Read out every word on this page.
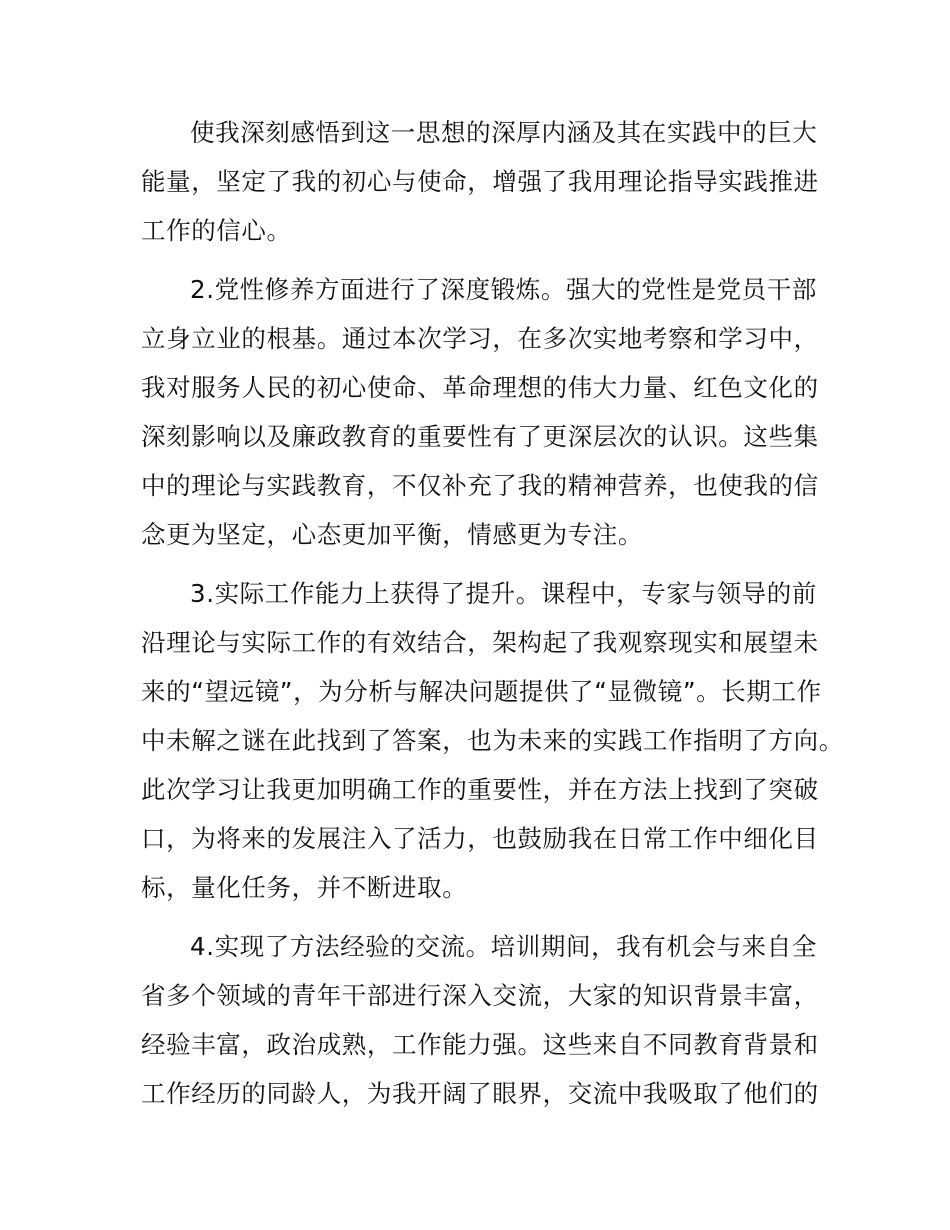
使我深刻感悟到这一思想的深厚内涵及其在实践中的巨大
能量，坚定了我的初心与使命，增强了我用理论指导实践推进
工作的信心。
2.党性修养方面进行了深度锻炼。强大的党性是党员干部
立身立业的根基。通过本次学习，在多次实地考察和学习中，
我对服务人民的初心使命、革命理想的伟大力量、红色文化的
深刻影响以及廉政教育的重要性有了更深层次的认识。这些集
中的理论与实践教育，不仅补充了我的精神营养，也使我的信
念更为坚定，心态更加平衡，情感更为专注。
3.实际工作能力上获得了提升。课程中，专家与领导的前
沿理论与实际工作的有效结合，架构起了我观察现实和展望未
来的“望远镜”，为分析与解决问题提供了“显微镜”。长期工作
中未解之谜在此找到了答案，也为未来的实践工作指明了方向。
此次学习让我更加明确工作的重要性，并在方法上找到了突破
口，为将来的发展注入了活力，也鼓励我在日常工作中细化目
标，量化任务，并不断进取。
4.实现了方法经验的交流。培训期间，我有机会与来自全
省多个领域的青年干部进行深入交流，大家的知识背景丰富，
经验丰富，政治成熟，工作能力强。这些来自不同教育背景和
工作经历的同龄人，为我开阔了眼界，交流中我吸取了他们的
